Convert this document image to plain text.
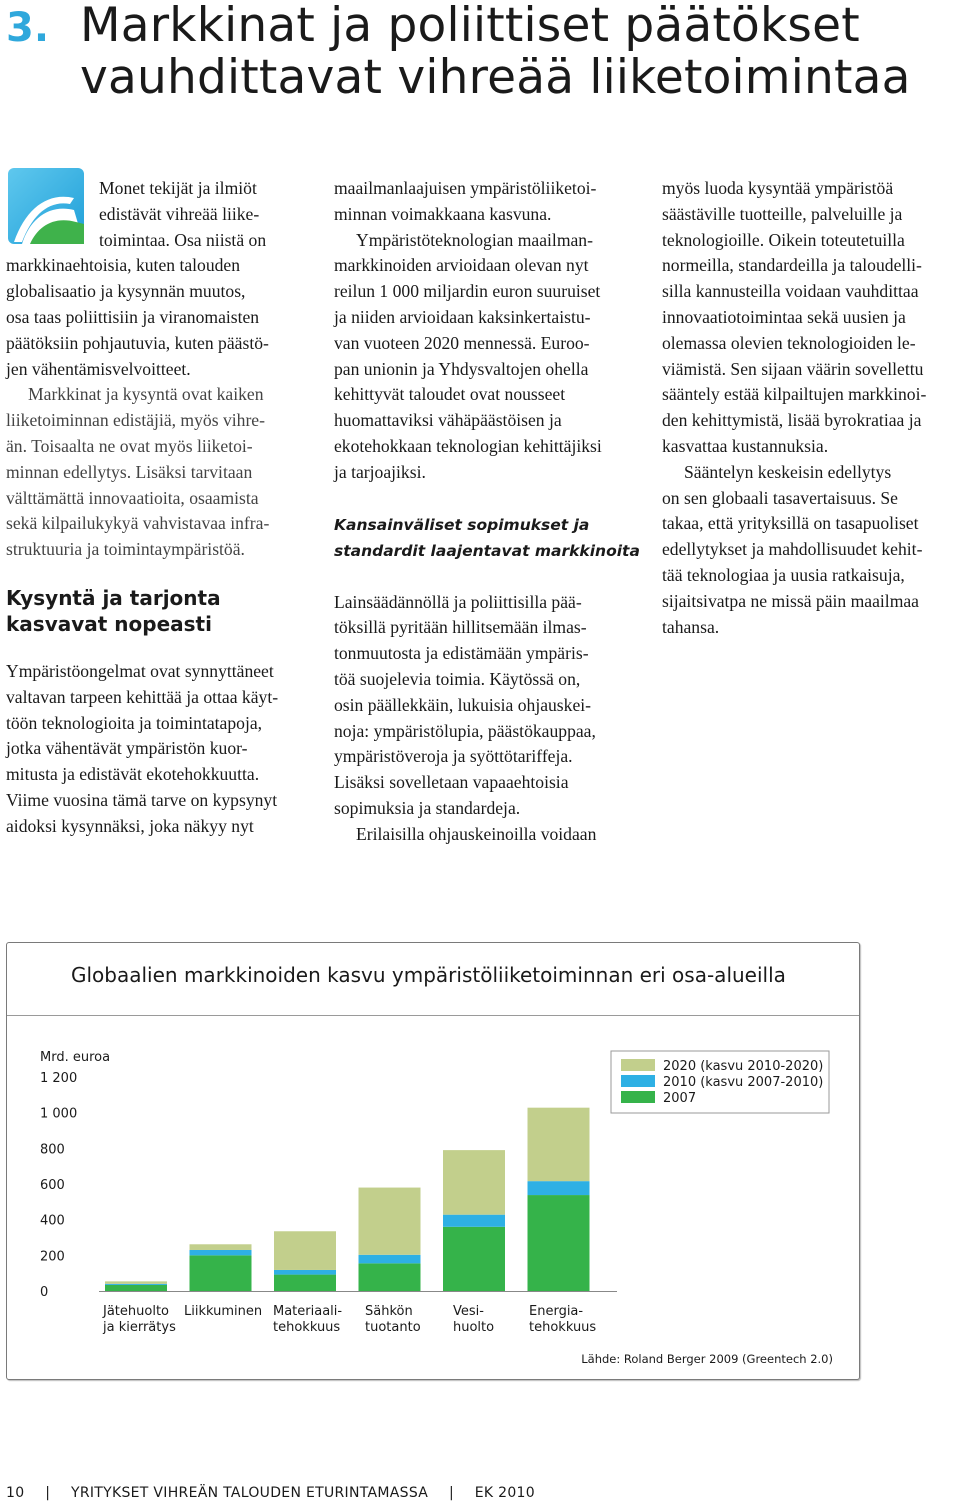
3. Markkinat ja poliittiset päätökset
vauhdittavat vihreää liiketoimintaa

Monet tekijät ja ilmiöt
edistävät vihreää liike-
toimintaa. Osa niistä on
markkinaehtoisia, kuten talouden
globalisaatio ja kysynnän muutos,
osa taas poliittisiin ja viranomaisten
päätöksiin pohjautuvia, kuten päästö-
jen vähentämisvelvoitteet.

Markkinat ja kysyntä ovat kaiken
liiketoiminnan edistäjiä, myös vihre-
än. Toisaalta ne ovat myös liiketoi-
minnan edellytys. Lisäksi tarvitaan
välttämättä innovaatioita, osaamista
sekä kilpailukykyä vahvistavaa infra-
struktuuria ja toimintaympäristöä.

Kysyntä ja tarjonta
kasvavat nopeasti

Ympäristöongelmat ovat synnyttäneet
valtavan tarpeen kehittää ja ottaa käyt-
töön teknologioita ja toimintatapoja,
jotka vähentävät ympäristön kuor-
mitusta ja edistävät ekotehokkuutta.
Viime vuosina tämä tarve on kypsynyt
aidoksi kysynnäksi, joka näkyy nyt

maailmanlaajuisen ympäristöliiketoi-
minnan voimakkaana kasvuna.

Ympäristöteknologian maailman-
markkinoiden arvioidaan olevan nyt
reilun 1 000 miljardin euron suuruiset
ja niiden arvioidaan kaksinkertaistu-
van vuoteen 2020 mennessä. Euroo-
pan unionin ja Yhdysvaltojen ohella
kehittyvät taloudet ovat nousseet
huomattaviksi vähäpäästöisen ja
ekotehokkaan teknologian kehittäjiksi
ja tarjoajiksi.

Kansainväliset sopimukset ja
standardit laajentavat markkinoita

Lainsäädännöllä ja poliittisilla pää-
töksillä pyritään hillitsemään ilmas-
tonmuutosta ja edistämään ympäris-
töä suojelevia toimia. Käytössä on,
osin päällekkäin, lukuisia ohjauskei-
noja: ympäristölupia, päästökauppaa,
ympäristöveroja ja syöttötariffeja.
Lisäksi sovelletaan vapaaehtoisia
sopimuksia ja standardeja.

Erilaisilla ohjauskeinoilla voidaan

myös luoda kysyntää ympäristöä
säästäville tuotteille, palveluille ja
teknologioille. Oikein toteutetuilla
normeilla, standardeilla ja taloudelli-
silla kannusteilla voidaan vauhdittaa
innovaatiotoimintaa sekä uusien ja
olemassa olevien teknologioiden le-
viämistä. Sen sijaan väärin sovellettu
sääntely estää kilpailtujen markkinoi-
den kehittymistä, lisää byrokratiaa ja
kasvattaa kustannuksia.

Sääntelyn keskeisin edellytys
on sen globaali tasavertaisuus. Se
takaa, että yrityksillä on tasapuoliset
edellytykset ja mahdollisuudet kehit-
tää teknologiaa ja uusia ratkaisuja,
sijaitsivatpa ne missä päin maailmaa
tahansa.

Globaalien markkinoiden kasvu ympäristöliiketoiminnan eri osa-alueilla
Mrd. euroa
0
200
400
600
800
1 000
1 200
Jätehuolto
ja kierrätys
Liikkuminen Materiaali-
tehokkuus
Sähkön
tuotanto
Vesi-
huolto
Energia-
tehokkuus
2020 (kasvu 2010-2020)
2010 (kasvu 2007-2010)
2007
Lähde: Roland Berger 2009 (Greentech 2.0)
10 | YRITYKSET VIHREÄN TALOUDEN ETURINTAMASSA | EK 2010
